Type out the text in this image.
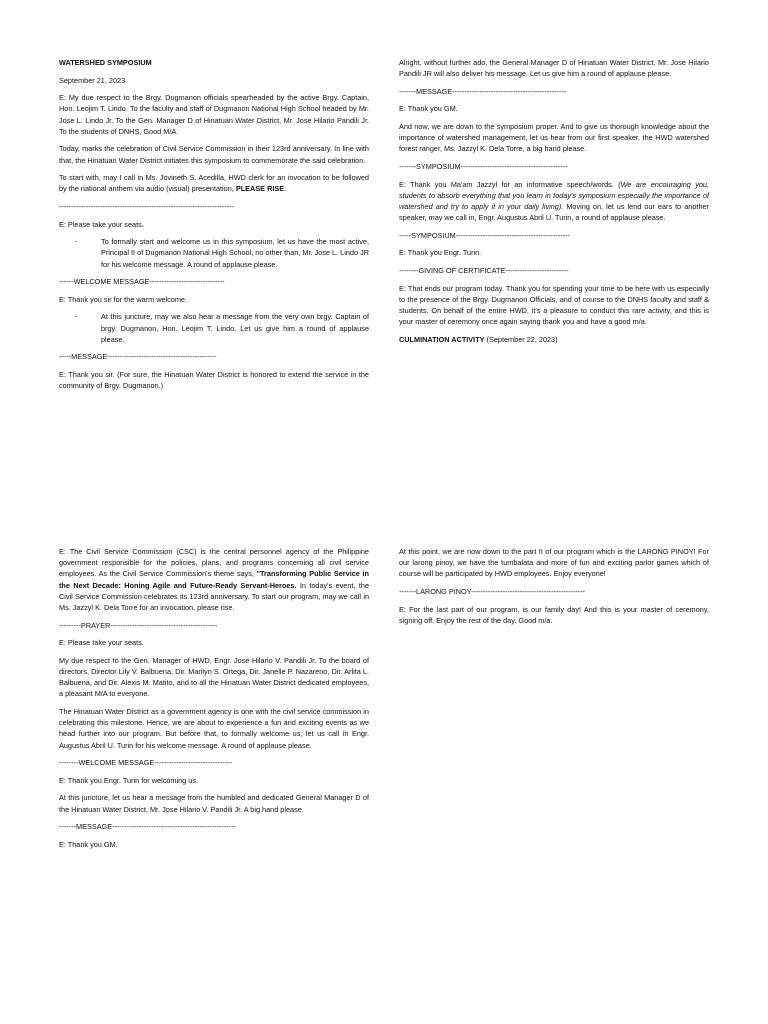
WATERSHED SYMPOSIUM

September 21, 2023

E: My due respect to the Brgy. Dugmanon officials spearheaded by the active Brgy. Captain, Hon. Leojim T. Lindo. To the faculty and staff of Dugmanon National High School headed by Mr. Jose L. Lindo Jr. To the Gen. Manager D of Hinatuan Water District, Mr. Jose Hilario Pandili Jr. To the students of DNHS, Good M/A.

Today, marks the celebration of Civil Service Commission in their 123rd anniversary. In line with that, the Hinatuan Water District initiates this symposium to commemorate the said celebration.

To start with, may I call in Ms. Jovineth S. Acedilla, HWD clerk for an invocation to be followed by the national anthem via audio (visual) presentation, PLEASE RISE.

------------------------------------------------------------------------

E: Please take your seats.

-	To formally start and welcome us in this symposium, let us have the most active, Principal II of Dugmanon National High School, no other than, Mr. Jose L. Lindo JR for his welcome message. A round of applause please.

------WELCOME MESSAGE-------------------------------

E: Thank you sir for the warm welcome.

-	At this juncture, may we also hear a message from the very own brgy. Captain of brgy. Dugmanon, Hon. Leojim T. Lindo. Let us give him a round of applause please.

-----MESSAGE---------------------------------------------

E: Thank you sir. (For sure, the Hinatuan Water District is honored to extend the service in the community of Brgy. Dugmanon.)

Alright, without further ado, the General Manager D of Hinatuan Water District, Mr. Jose Hilario Pandili JR will also deliver his message. Let us give him a round of applause please.

-------MESSAGE-----------------------------------------------

E: Thank you GM.

And now, we are down to the symposium proper. And to give us thorough knowledge about the importance of watershed management, let us hear from our first speaker, the HWD watershed forest ranger, Ms. Jazzyl K. Dela Torre, a big hand please.

-------SYMPOSIUM--------------------------------------------

E: Thank you Ma'am Jazzyl for an informative speech/words. (We are encouraging you, students to absorb everything that you learn in today's symposium especially the importance of watershed and try to apply it in your daily living). Moving on, let us lend our ears to another speaker, may we call in, Engr. Augustus Abril U. Turin, a round of applause please.

-----SYMPOSIUM-----------------------------------------------

E: Thank you Engr. Turin.

--------GIVING OF CERTIFICATE--------------------------

E: That ends our program today. Thank you for spending your time to be here with us especially to the presence of the Brgy. Dugmanon Officials, and of course to the DNHS faculty and staff & students. On behalf of the entire HWD, it's a pleasure to conduct this rare activity, and this is your master of ceremony once again saying thank you and have a good m/a.

CULMINATION ACTIVITY (September 22, 2023)

E: The Civil Service Commission (CSC) is the central personnel agency of the Philippine government responsible for the policies, plans, and programs concerning all civil service employees. As the Civil Service Commission's theme says, "Transforming Public Service in the Next Decade: Honing Agile and Future-Ready Servant-Heroes. In today's event, the Civil Service Commission celebrates its 123rd anniversary. To start our program, may we call in Ms. Jazzyl K. Dela Torre for an invocation, please rise.

---------PRAYER--------------------------------------------

E: Please take your seats.

My due respect to the Gen. Manager of HWD, Engr. Jose Hilario V. Pandili Jr. To the board of directors, Director Lily V. Balbuena, Dir. Marilyn S. Ortega, Dir. Janelle P. Nazareno, Dir. Arlita L. Balbuena, and Dir. Alexis M. Matito, and to all the Hinatuan Water District dedicated employees, a pleasant M/A to everyone.

The Hinatuan Water District as a government agency is one with the civil service commission in celebrating this milestone. Hence, we are about to experience a fun and exciting events as we head further into our program. But before that, to formally welcome us, let us call in Engr. Augustus Abril U. Turin for his welcome message. A round of applause please.

--------WELCOME MESSAGE--------------------------------

E: Thank you Engr. Turin for welcoming us.

At this juncture, let us hear a message from the humbled and dedicated General Manager D of the Hinatuan Water District, Mr. Jose Hilario V. Pandili Jr. A big hand please.

-------MESSAGE---------------------------------------------------

E: Thank you GM.

At this point, we are now down to the part II of our program which is the LARONG PINOY! For our larong pinoy, we have the tumbalata and more of fun and exciting parlor games which of course will be participated by HWD employees. Enjoy everyone!

-------LARONG PINOY-----------------------------------------------

E: For the last part of our program, is our family day! And this is your master of ceremony, signing off. Enjoy the rest of the day. Good m/a.
